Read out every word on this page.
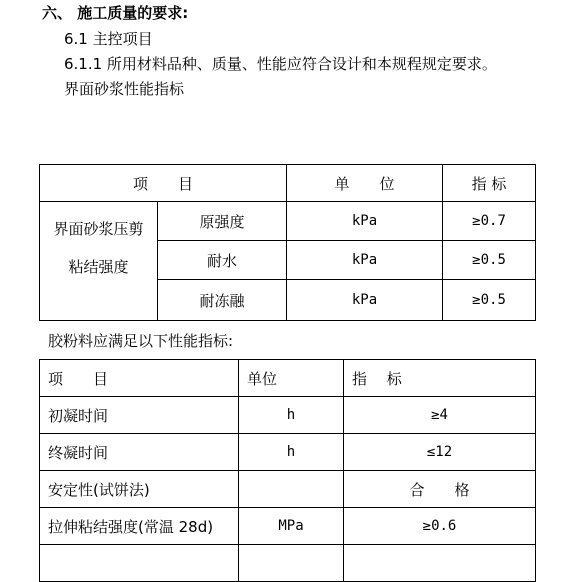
六、 施工质量的要求:
6.1 主控项目
6.1.1 所用材料品种、质量、性能应符合设计和本规程规定要求。
界面砂浆性能指标
项　　目		单　　位	指 标

界面砂浆压剪
粘结强度	原强度	kPa	≥0.7
	耐水	kPa	≥0.5
	耐冻融	kPa	≥0.5
胶粉料应满足以下性能指标:
项　　目	单位	指　 标
初凝时间	h	≥4
终凝时间	h	≤12
安定性(试饼法)		合　　格
拉伸粘结强度(常温 28d)	MPa	≥0.6
